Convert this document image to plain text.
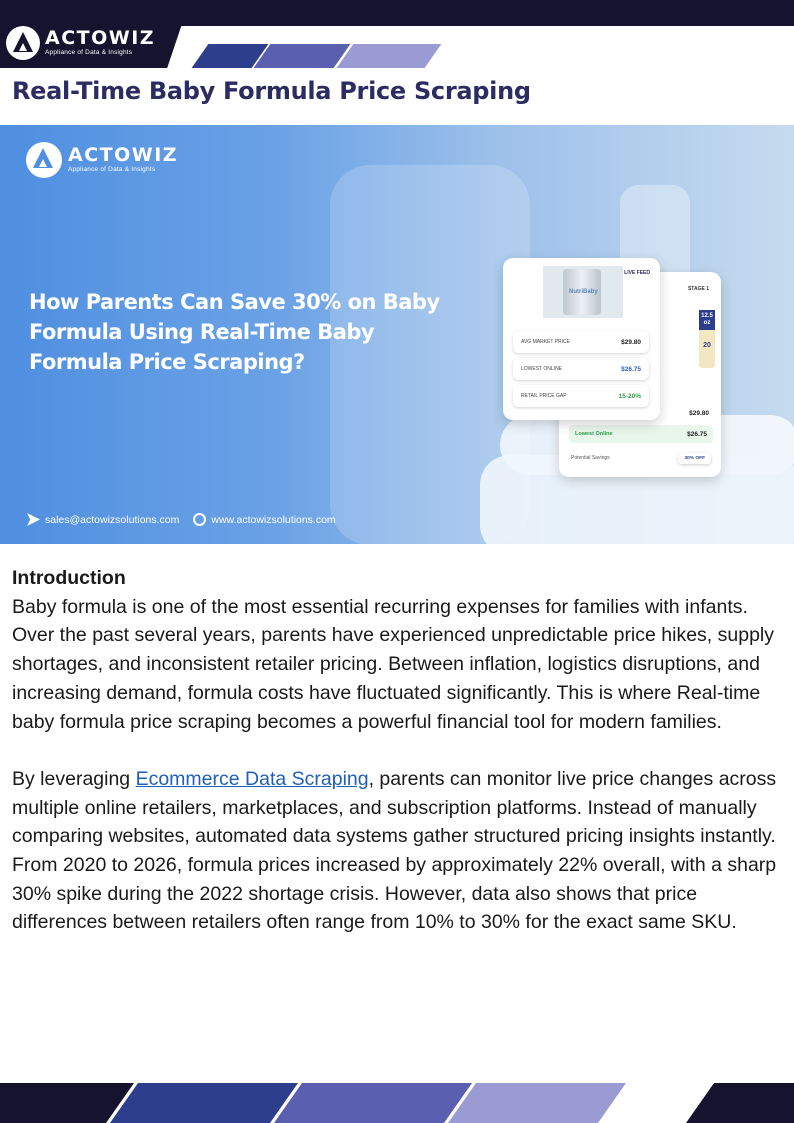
ACTOWIZ
Appliance of Data & Insights
Real-Time Baby Formula Price Scraping
ACTOWIZ
Appliance of Data & Insights
How Parents Can Save 30% on Baby Formula Using Real-Time Baby Formula Price Scraping?
sales@actowizsolutions.com	www.actowizsolutions.com
STAGE 1
12.5 oz
20
$29.80
Lowest Online	$26.75
Potential Savings	30% OFF
NutriBaby
LIVE FEED
AVG MARKET PRICE	$29.80
LOWEST ONLINE	$26.75
RETAIL PRICE GAP	15-20%
Introduction

Baby formula is one of the most essential recurring expenses for families with infants. Over the past several years, parents have experienced unpredictable price hikes, supply shortages, and inconsistent retailer pricing. Between inflation, logistics disruptions, and increasing demand, formula costs have fluctuated significantly. This is where Real-time baby formula price scraping becomes a powerful financial tool for modern families.

By leveraging Ecommerce Data Scraping, parents can monitor live price changes across multiple online retailers, marketplaces, and subscription platforms. Instead of manually comparing websites, automated data systems gather structured pricing insights instantly. From 2020 to 2026, formula prices increased by approximately 22% overall, with a sharp 30% spike during the 2022 shortage crisis. However, data also shows that price differences between retailers often range from 10% to 30% for the exact same SKU.
